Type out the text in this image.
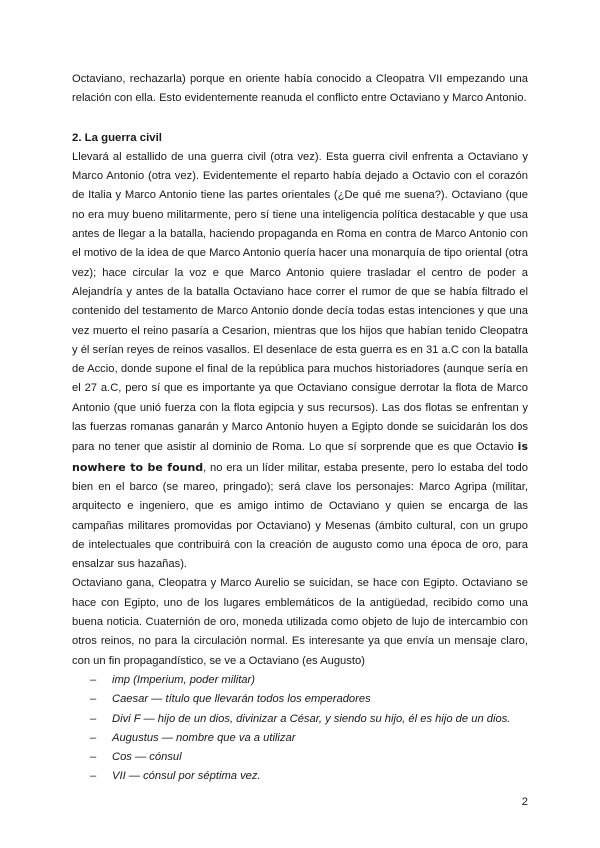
Octaviano, rechazarla) porque en oriente había conocido a Cleopatra VII empezando una relación con ella. Esto evidentemente reanuda el conflicto entre Octaviano y Marco Antonio.

2. La guerra civil

Llevará al estallido de una guerra civil (otra vez). Esta guerra civil enfrenta a Octaviano y Marco Antonio (otra vez). Evidentemente el reparto había dejado a Octavio con el corazón de Italia y Marco Antonio tiene las partes orientales (¿De qué me suena?). Octaviano (que no era muy bueno militarmente, pero sí tiene una inteligencia política destacable y que usa antes de llegar a la batalla, haciendo propaganda en Roma en contra de Marco Antonio con el motivo de la idea de que Marco Antonio quería hacer una monarquía de tipo oriental (otra vez); hace circular la voz e que Marco Antonio quiere trasladar el centro de poder a Alejandría y antes de la batalla Octaviano hace correr el rumor de que se había filtrado el contenido del testamento de Marco Antonio donde decía todas estas intenciones y que una vez muerto el reino pasaría a Cesarion, mientras que los hijos que habían tenido Cleopatra y él serían reyes de reinos vasallos. El desenlace de esta guerra es en 31 a.C con la batalla de Accio, donde supone el final de la república para muchos historiadores (aunque sería en el 27 a.C, pero sí que es importante ya que Octaviano consigue derrotar la flota de Marco Antonio (que unió fuerza con la flota egipcia y sus recursos). Las dos flotas se enfrentan y las fuerzas romanas ganarán y Marco Antonio huyen a Egipto donde se suicidarán los dos para no tener que asistir al dominio de Roma. Lo que sí sorprende que es que Octavio is nowhere to be found, no era un líder militar, estaba presente, pero lo estaba del todo bien en el barco (se mareo, pringado); será clave los personajes: Marco Agripa (militar, arquitecto e ingeniero, que es amigo intimo de Octaviano y quien se encarga de las campañas militares promovidas por Octaviano) y Mesenas (ámbito cultural, con un grupo de intelectuales que contribuirá con la creación de augusto como una época de oro, para ensalzar sus hazañas).

Octaviano gana, Cleopatra y Marco Aurelio se suicidan, se hace con Egipto. Octaviano se hace con Egipto, uno de los lugares emblemáticos de la antigüedad, recibido como una buena noticia. Cuaternión de oro, moneda utilizada como objeto de lujo de intercambio con otros reinos, no para la circulación normal. Es interesante ya que envía un mensaje claro, con un fin propagandístico, se ve a Octaviano (es Augusto)

– imp (Imperium, poder militar)
– Caesar — título que llevarán todos los emperadores
– Divi F — hijo de un dios, divinizar a César, y siendo su hijo, él es hijo de un dios.
– Augustus — nombre que va a utilizar
– Cos — cónsul
– VII — cónsul por séptima vez.
2
